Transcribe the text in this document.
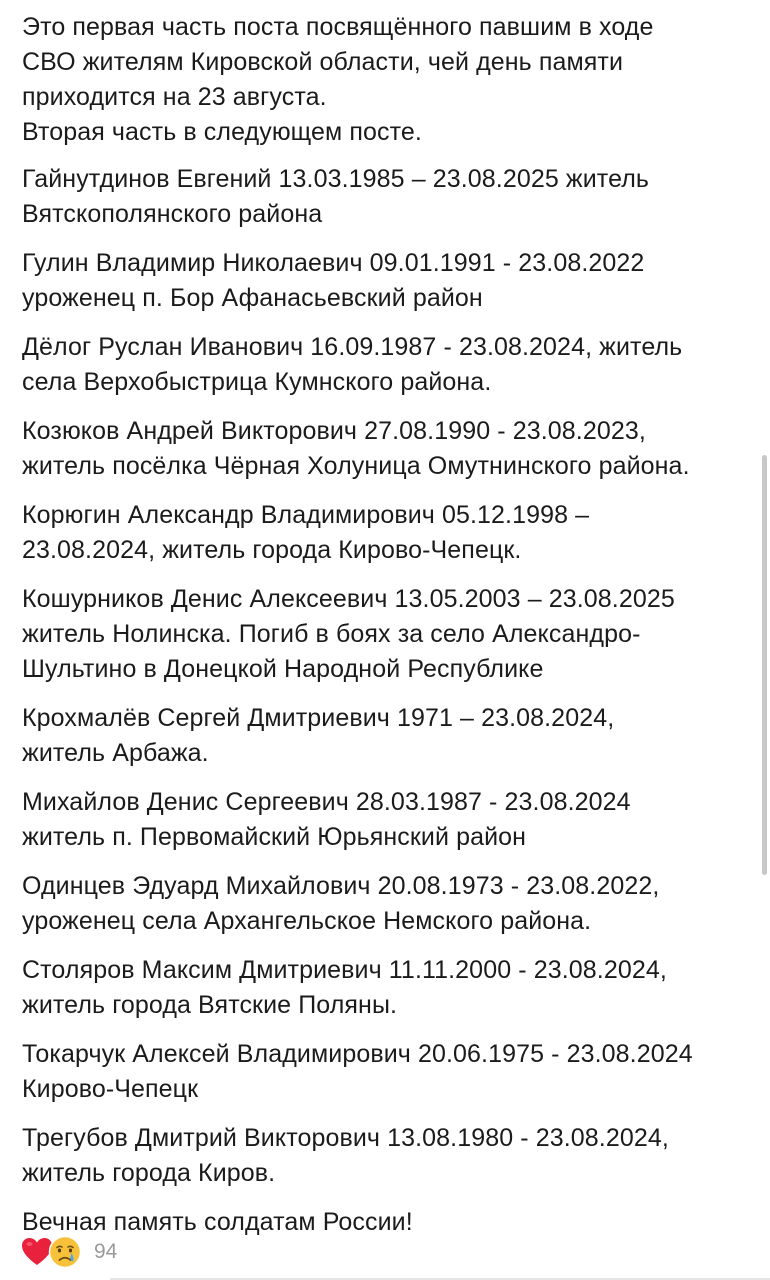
Это первая часть поста посвящённого павшим в ходе
СВО жителям Кировской области, чей день памяти
приходится на 23 августа.
Вторая часть в следующем посте.

Гайнутдинов Евгений 13.03.1985 – 23.08.2025 житель
Вятскополянского района

Гулин Владимир Николаевич 09.01.1991 - 23.08.2022
уроженец п. Бор Афанасьевский район

Дёлог Руслан Иванович 16.09.1987 - 23.08.2024, житель
села Верхобыстрица Кумнского района.

Козюков Андрей Викторович 27.08.1990 - 23.08.2023,
житель посёлка Чёрная Холуница Омутнинского района.

Корюгин Александр Владимирович 05.12.1998 –
23.08.2024, житель города Кирово-Чепецк.

Кошурников Денис Алексеевич 13.05.2003 – 23.08.2025
житель Нолинска. Погиб в боях за село Александро-
Шультино в Донецкой Народной Республике

Крохмалёв Сергей Дмитриевич 1971 – 23.08.2024,
житель Арбажа.

Михайлов Денис Сергеевич 28.03.1987 - 23.08.2024
житель п. Первомайский Юрьянский район

Одинцев Эдуард Михайлович 20.08.1973 - 23.08.2022,
уроженец села Архангельское Немского района.

Столяров Максим Дмитриевич 11.11.2000 - 23.08.2024,
житель города Вятские Поляны.

Токарчук Алексей Владимирович 20.06.1975 - 23.08.2024
Кирово-Чепецк

Трегубов Дмитрий Викторович 13.08.1980 - 23.08.2024,
житель города Киров.

Вечная память солдатам России!

94
